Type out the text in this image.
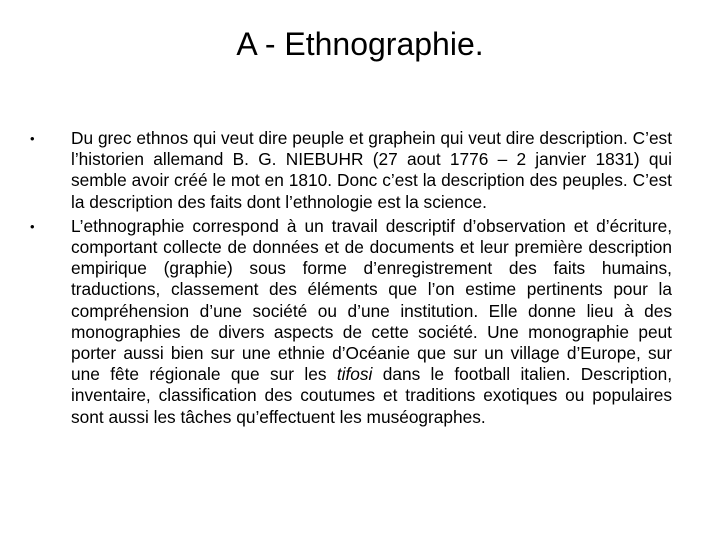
A - Ethnographie.
•	Du grec ethnos qui veut dire peuple et graphein qui veut dire description. C’est l’historien allemand B. G. NIEBUHR (27 aout 1776 – 2 janvier 1831) qui semble avoir créé le mot en 1810. Donc c’est la description des peuples. C’est la description des faits dont l’ethnologie est la science.
•	L’ethnographie correspond à un travail descriptif d’observation et d’écriture, comportant collecte de données et de documents et leur première description empirique (graphie) sous forme d’enregistrement des faits humains, traductions, classement des éléments que l’on estime pertinents pour la compréhension d’une société ou d’une institution. Elle donne lieu à des monographies de divers aspects de cette société. Une monographie peut porter aussi bien sur une ethnie d’Océanie que sur un village d’Europe, sur une fête régionale que sur les tifosi dans le football italien. Description, inventaire, classification des coutumes et traditions exotiques ou populaires sont aussi les tâches qu’effectuent les muséographes.
